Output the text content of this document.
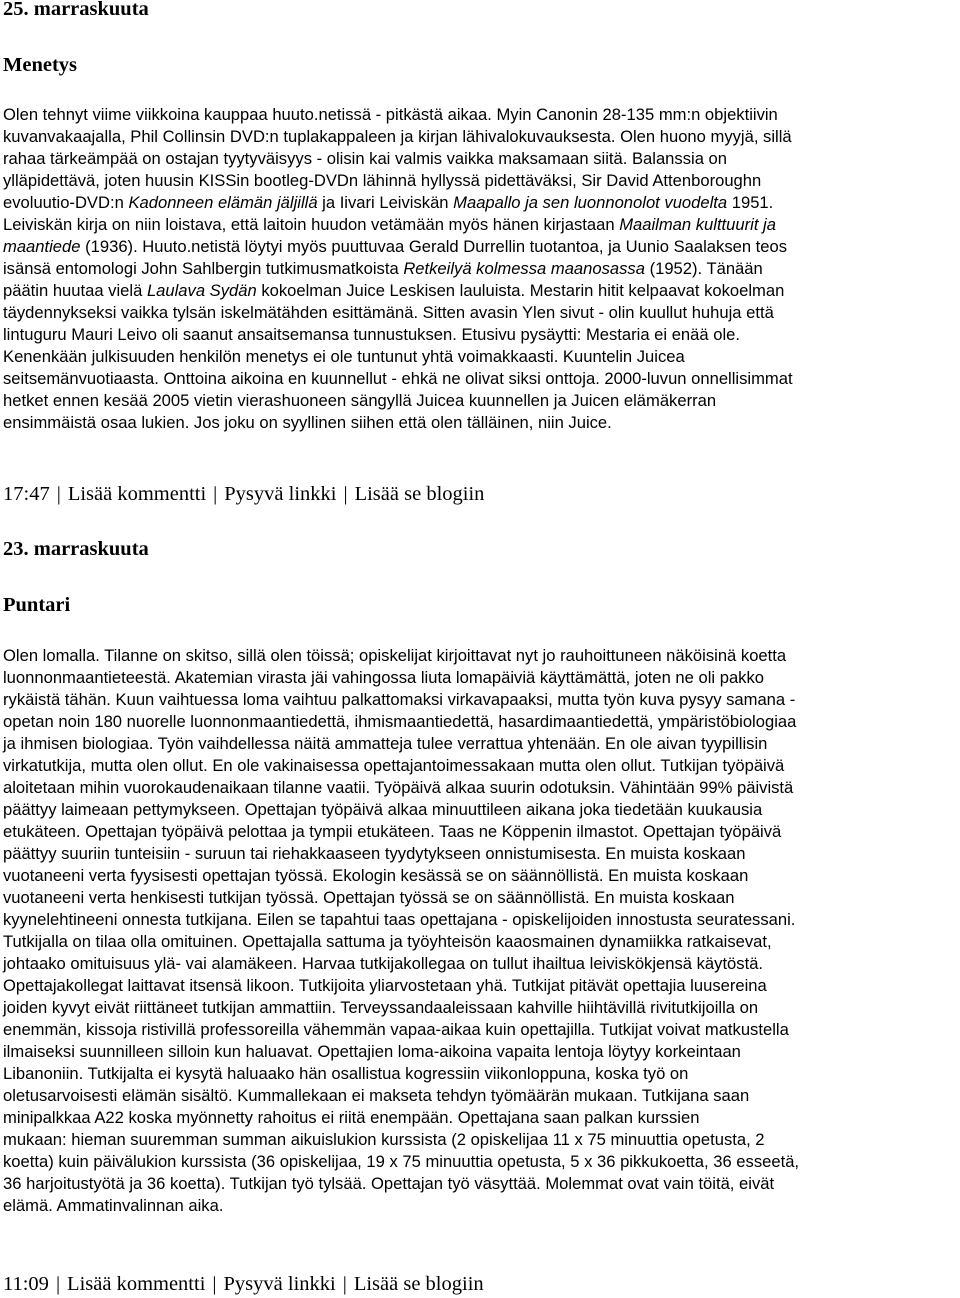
25. marraskuuta
Menetys
Olen tehnyt viime viikkoina kauppaa huuto.netissä - pitkästä aikaa. Myin Canonin 28-135 mm:n objektiivin
kuvanvakaajalla, Phil Collinsin DVD:n tuplakappaleen ja kirjan lähivalokuvauksesta. Olen huono myyjä, sillä
rahaa tärkeämpää on ostajan tyytyväisyys - olisin kai valmis vaikka maksamaan siitä. Balanssia on
ylläpidettävä, joten huusin KISSin bootleg-DVDn lähinnä hyllyssä pidettäväksi, Sir David Attenboroughn
evoluutio-DVD:n Kadonneen elämän jäljillä ja Iivari Leiviskän Maapallo ja sen luonnonolot vuodelta 1951.
Leiviskän kirja on niin loistava, että laitoin huudon vetämään myös hänen kirjastaan Maailman kulttuurit ja
maantiede (1936). Huuto.netistä löytyi myös puuttuvaa Gerald Durrellin tuotantoa, ja Uunio Saalaksen teos
isänsä entomologi John Sahlbergin tutkimusmatkoista Retkeilyä kolmessa maanosassa (1952). Tänään
päätin huutaa vielä Laulava Sydän kokoelman Juice Leskisen lauluista. Mestarin hitit kelpaavat kokoelman
täydennykseksi vaikka tylsän iskelmätähden esittämänä. Sitten avasin Ylen sivut - olin kuullut huhuja että
lintuguru Mauri Leivo oli saanut ansaitsemansa tunnustuksen. Etusivu pysäytti: Mestaria ei enää ole.
Kenenkään julkisuuden henkilön menetys ei ole tuntunut yhtä voimakkaasti. Kuuntelin Juicea
seitsemänvuotiaasta. Onttoina aikoina en kuunnellut - ehkä ne olivat siksi onttoja. 2000-luvun onnellisimmat
hetket ennen kesää 2005 vietin vierashuoneen sängyllä Juicea kuunnellen ja Juicen elämäkerran
ensimmäistä osaa lukien. Jos joku on syyllinen siihen että olen tälläinen, niin Juice.
17:47 | Lisää kommentti | Pysyvä linkki | Lisää se blogiin
23. marraskuuta
Puntari
Olen lomalla. Tilanne on skitso, sillä olen töissä; opiskelijat kirjoittavat nyt jo rauhoittuneen näköisinä koetta
luonnonmaantieteestä. Akatemian virasta jäi vahingossa liuta lomapäiviä käyttämättä, joten ne oli pakko
rykäistä tähän. Kuun vaihtuessa loma vaihtuu palkattomaksi virkavapaaksi, mutta työn kuva pysyy samana -
opetan noin 180 nuorelle luonnonmaantiedettä, ihmismaantiedettä, hasardimaantiedettä, ympäristöbiologiaa
ja ihmisen biologiaa. Työn vaihdellessa näitä ammatteja tulee verrattua yhtenään. En ole aivan tyypillisin
virkatutkija, mutta olen ollut. En ole vakinaisessa opettajantoimessakaan mutta olen ollut. Tutkijan työpäivä
aloitetaan mihin vuorokaudenaikaan tilanne vaatii. Työpäivä alkaa suurin odotuksin. Vähintään 99% päivistä
päättyy laimeaan pettymykseen. Opettajan työpäivä alkaa minuuttileen aikana joka tiedetään kuukausia
etukäteen. Opettajan työpäivä pelottaa ja tympii etukäteen. Taas ne Köppenin ilmastot. Opettajan työpäivä
päättyy suuriin tunteisiin - suruun tai riehakkaaseen tyydytykseen onnistumisesta. En muista koskaan
vuotaneeni verta fyysisesti opettajan työssä. Ekologin kesässä se on säännöllistä. En muista koskaan
vuotaneeni verta henkisesti tutkijan työssä. Opettajan työssä se on säännöllistä. En muista koskaan
kyynelehtineeni onnesta tutkijana. Eilen se tapahtui taas opettajana - opiskelijoiden innostusta seuratessani.
Tutkijalla on tilaa olla omituinen. Opettajalla sattuma ja työyhteisön kaaosmainen dynamiikka ratkaisevat,
johtaako omituisuus ylä- vai alamäkeen. Harvaa tutkijakollegaa on tullut ihailtua leiviskökjensä käytöstä.
Opettajakollegat laittavat itsensä likoon. Tutkijoita yliarvostetaan yhä. Tutkijat pitävät opettajia luusereina
joiden kyvyt eivät riittäneet tutkijan ammattiin. Terveyssandaaleissaan kahville hiihtävillä rivitutkijoilla on
enemmän, kissoja ristivillä professoreilla vähemmän vapaa-aikaa kuin opettajilla. Tutkijat voivat matkustella
ilmaiseksi suunnilleen silloin kun haluavat. Opettajien loma-aikoina vapaita lentoja löytyy korkeintaan
Libanoniin. Tutkijalta ei kysytä haluaako hän osallistua kogressiin viikonloppuna, koska työ on
oletusarvoisesti elämän sisältö. Kummallekaan ei makseta tehdyn työmäärän mukaan. Tutkijana saan
minipalkkaa A22 koska myönnetty rahoitus ei riitä enempään. Opettajana saan palkan kurssien
mukaan: hieman suuremman summan aikuislukion kurssista (2 opiskelijaa 11 x 75 minuuttia opetusta, 2
koetta) kuin päivälukion kurssista (36 opiskelijaa, 19 x 75 minuuttia opetusta, 5 x 36 pikkukoetta, 36 esseetä,
36 harjoitustyötä ja 36 koetta). Tutkijan työ tylsää. Opettajan työ väsyttää. Molemmat ovat vain töitä, eivät
elämä. Ammatinvalinnan aika.
11:09 | Lisää kommentti | Pysyvä linkki | Lisää se blogiin
